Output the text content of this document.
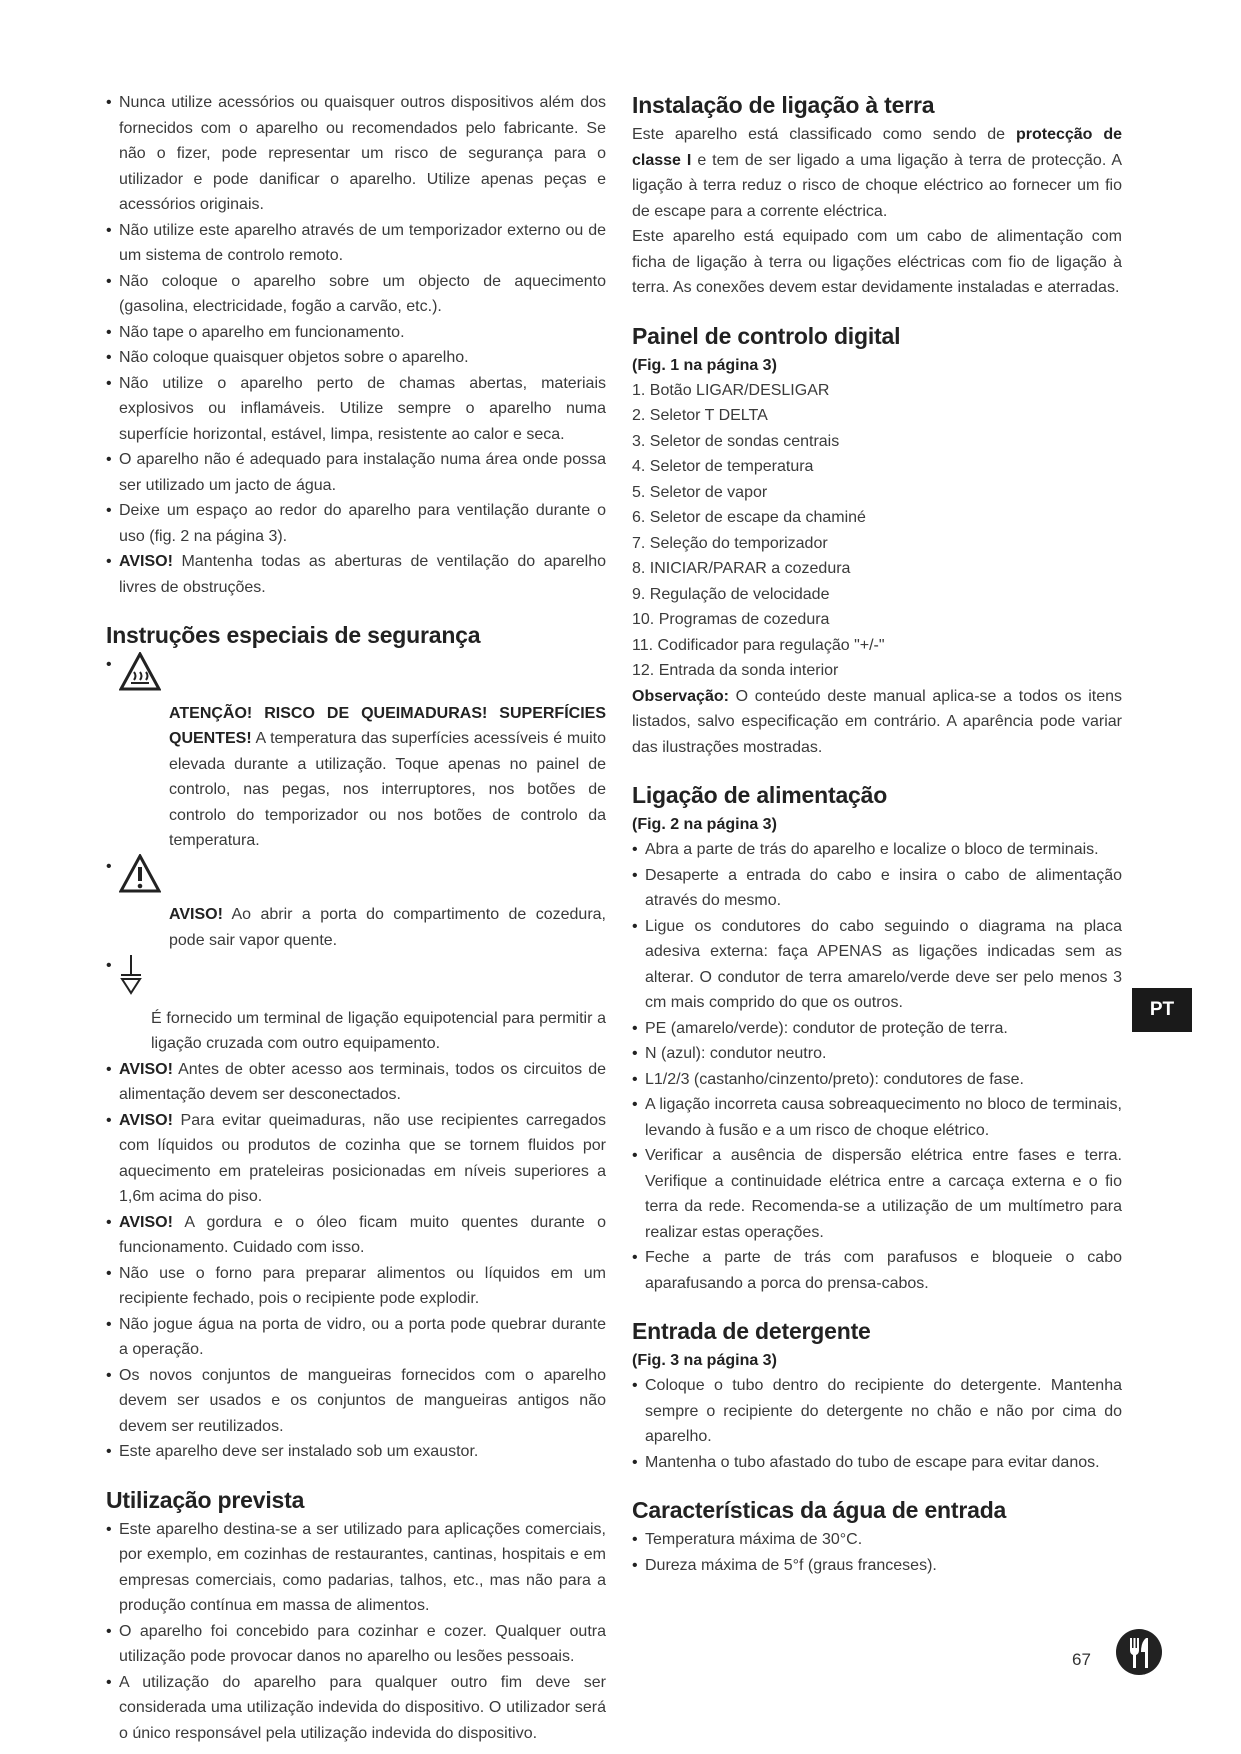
• Nunca utilize acessórios ou quaisquer outros dispositivos além dos fornecidos com o aparelho ou recomendados pelo fabricante. Se não o fizer, pode representar um risco de segurança para o utilizador e pode danificar o aparelho. Utilize apenas peças e acessórios originais.
• Não utilize este aparelho através de um temporizador externo ou de um sistema de controlo remoto.
• Não coloque o aparelho sobre um objecto de aquecimento (gasolina, electricidade, fogão a carvão, etc.).
• Não tape o aparelho em funcionamento.
• Não coloque quaisquer objetos sobre o aparelho.
• Não utilize o aparelho perto de chamas abertas, materiais explosivos ou inflamáveis. Utilize sempre o aparelho numa superfície horizontal, estável, limpa, resistente ao calor e seca.
• O aparelho não é adequado para instalação numa área onde possa ser utilizado um jacto de água.
• Deixe um espaço ao redor do aparelho para ventilação durante o uso (fig. 2 na página 3).
• AVISO! Mantenha todas as aberturas de ventilação do aparelho livres de obstruções.
Instruções especiais de segurança
• ATENÇÃO! RISCO DE QUEIMADURAS! SUPERFÍCIES QUENTES! A temperatura das superfícies acessíveis é muito elevada durante a utilização. Toque apenas no painel de controlo, nas pegas, nos interruptores, nos botões de controlo do temporizador ou nos botões de controlo da temperatura.
• AVISO! Ao abrir a porta do compartimento de cozedura, pode sair vapor quente.
• É fornecido um terminal de ligação equipotencial para permitir a ligação cruzada com outro equipamento.
• AVISO! Antes de obter acesso aos terminais, todos os circuitos de alimentação devem ser desconectados.
• AVISO! Para evitar queimaduras, não use recipientes carregados com líquidos ou produtos de cozinha que se tornem fluidos por aquecimento em prateleiras posicionadas em níveis superiores a 1,6m acima do piso.
• AVISO! A gordura e o óleo ficam muito quentes durante o funcionamento. Cuidado com isso.
• Não use o forno para preparar alimentos ou líquidos em um recipiente fechado, pois o recipiente pode explodir.
• Não jogue água na porta de vidro, ou a porta pode quebrar durante a operação.
• Os novos conjuntos de mangueiras fornecidos com o aparelho devem ser usados e os conjuntos de mangueiras antigos não devem ser reutilizados.
• Este aparelho deve ser instalado sob um exaustor.
Utilização prevista
• Este aparelho destina-se a ser utilizado para aplicações comerciais, por exemplo, em cozinhas de restaurantes, cantinas, hospitais e em empresas comerciais, como padarias, talhos, etc., mas não para a produção contínua em massa de alimentos.
• O aparelho foi concebido para cozinhar e cozer. Qualquer outra utilização pode provocar danos no aparelho ou lesões pessoais.
• A utilização do aparelho para qualquer outro fim deve ser considerada uma utilização indevida do dispositivo. O utilizador será o único responsável pela utilização indevida do dispositivo.
Instalação de ligação à terra

Este aparelho está classificado como sendo de protecção de classe I e tem de ser ligado a uma ligação à terra de protecção. A ligação à terra reduz o risco de choque eléctrico ao fornecer um fio de escape para a corrente eléctrica.

Este aparelho está equipado com um cabo de alimentação com ficha de ligação à terra ou ligações eléctricas com fio de ligação à terra. As conexões devem estar devidamente instaladas e aterradas.

Painel de controlo digital
(Fig. 1 na página 3)
1. Botão LIGAR/DESLIGAR
2. Seletor T DELTA
3. Seletor de sondas centrais
4. Seletor de temperatura
5. Seletor de vapor
6. Seletor de escape da chaminé
7. Seleção do temporizador
8. INICIAR/PARAR a cozedura
9. Regulação de velocidade
10. Programas de cozedura
11. Codificador para regulação "+/-"
12. Entrada da sonda interior

Observação: O conteúdo deste manual aplica-se a todos os itens listados, salvo especificação em contrário. A aparência pode variar das ilustrações mostradas.

Ligação de alimentação
(Fig. 2 na página 3)
• Abra a parte de trás do aparelho e localize o bloco de terminais.
• Desaperte a entrada do cabo e insira o cabo de alimentação através do mesmo.
• Ligue os condutores do cabo seguindo o diagrama na placa adesiva externa: faça APENAS as ligações indicadas sem as alterar. O condutor de terra amarelo/verde deve ser pelo menos 3 cm mais comprido do que os outros.
• PE (amarelo/verde): condutor de proteção de terra.
• N (azul): condutor neutro.
• L1/2/3 (castanho/cinzento/preto): condutores de fase.
• A ligação incorreta causa sobreaquecimento no bloco de terminais, levando à fusão e a um risco de choque elétrico.
• Verificar a ausência de dispersão elétrica entre fases e terra. Verifique a continuidade elétrica entre a carcaça externa e o fio terra da rede. Recomenda-se a utilização de um multímetro para realizar estas operações.
• Feche a parte de trás com parafusos e bloqueie o cabo aparafusando a porca do prensa-cabos.
Entrada de detergente
(Fig. 3 na página 3)
• Coloque o tubo dentro do recipiente do detergente. Mantenha sempre o recipiente do detergente no chão e não por cima do aparelho.
• Mantenha o tubo afastado do tubo de escape para evitar danos.
Características da água de entrada
• Temperatura máxima de 30°C.
• Dureza máxima de 5°f (graus franceses).
PT
67
